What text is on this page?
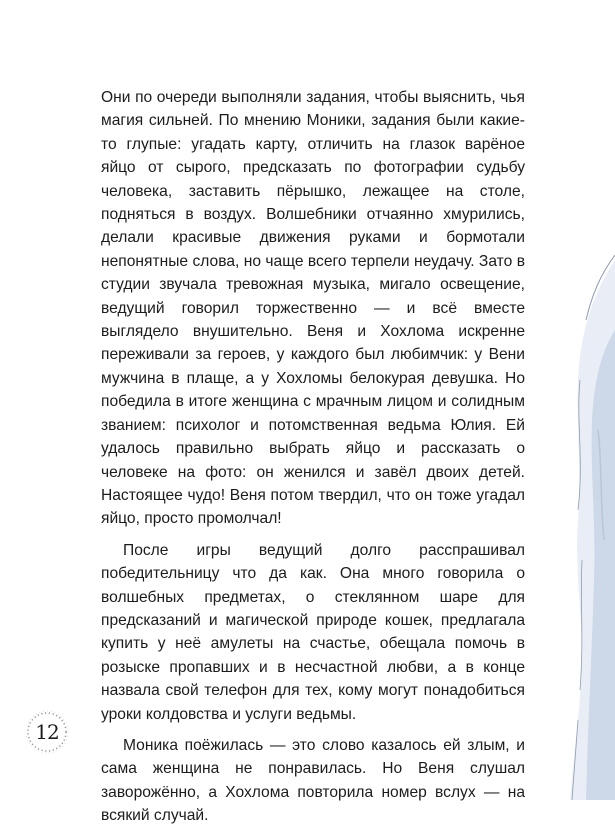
Они по очереди выполняли задания, чтобы выяснить, чья магия сильней. По мнению Моники, задания были какие-то глупые: угадать карту, отличить на глазок варёное яйцо от сырого, предсказать по фотографии судьбу человека, заставить пёрышко, лежащее на столе, подняться в воздух. Волшебники отчаянно хмурились, делали красивые движения руками и бормотали непонятные слова, но чаще всего терпели неудачу. Зато в студии звучала тревожная музыка, мигало освещение, ведущий говорил торжественно — и всё вместе выглядело внушительно. Веня и Хохлома искренне переживали за героев, у каждого был любимчик: у Вени мужчина в плаще, а у Хохломы белокурая девушка. Но победила в итоге женщина с мрачным лицом и солидным званием: психолог и потомственная ведьма Юлия. Ей удалось правильно выбрать яйцо и рассказать о человеке на фото: он женился и завёл двоих детей. Настоящее чудо! Веня потом твердил, что он тоже угадал яйцо, просто промолчал!

После игры ведущий долго расспрашивал победительницу что да как. Она много говорила о волшебных предметах, о стеклянном шаре для предсказаний и магической природе кошек, предлагала купить у неё амулеты на счастье, обещала помочь в розыске пропавших и в несчастной любви, а в конце назвала свой телефон для тех, кому могут понадобиться уроки колдовства и услуги ведьмы.

Моника поёжилась — это слово казалось ей злым, и сама женщина не понравилась. Но Веня слушал заворожённо, а Хохлома повторила номер вслух — на всякий случай.

12
